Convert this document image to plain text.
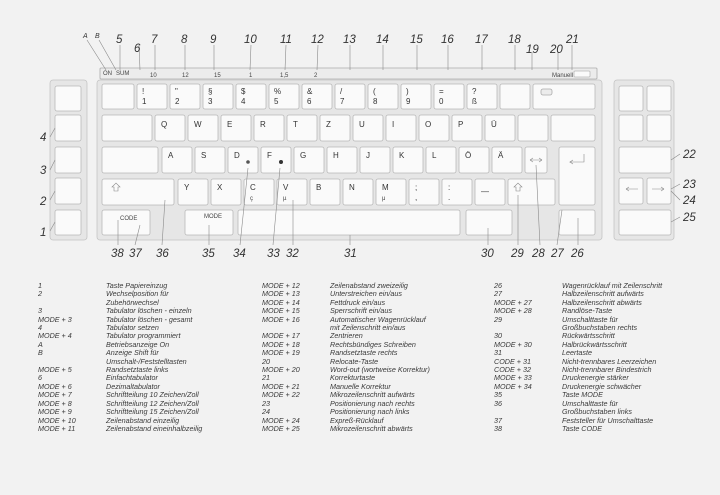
ON SUM	10	12	15	1	1,5	2	Manuell
!
1
"
2
§
3
$
4
%
5
&
6
/
7
(
8
)
9
=
0
?
ß
Q	W	E	R	T	Z	U	I	O	P	Ü
A	S	D	F	G	H	J	K	L	Ö	Ä
Y	X	C
ç
V
µ
B	N	M
μ
;
,
:
.
—
CODE	MODE
A B 5
6
7 8 9 10 11 12 13 14 15 16 17 18
19 20
21
4
3
2
1
22
23
24
25
38 37 36	35 34 33 32	31	30 29 28 27 26
1	Taste Papiereinzug
2	Wechselposition für
Zubehörwechsel
3	Tabulator löschen - einzeln
MODE + 3	Tabulator löschen - gesamt
4	Tabulator setzen
MODE + 4	Tabulator programmiert
A	Betriebsanzeige On
B	Anzeige Shift für
Umschalt-/Feststelltasten
MODE + 5	Randsetztaste links
6	Einfachtabulator
MODE + 6	Dezimaltabulator
MODE + 7	Schriftteilung 10 Zeichen/Zoll
MODE + 8	Schriftteilung 12 Zeichen/Zoll
MODE + 9	Schriftteilung 15 Zeichen/Zoll
MODE + 10	Zeilenabstand einzeilig
MODE + 11	Zeilenabstand eineinhalbzeilig
MODE + 12	Zeilenabstand zweizeilig
MODE + 13	Unterstreichen ein/aus
MODE + 14	Fettdruck ein/aus
MODE + 15	Sperrschrift ein/aus
MODE + 16	Automatischer Wagenrücklauf
mit Zeilenschritt ein/aus
MODE + 17	Zentrieren
MODE + 18	Rechtsbündiges Schreiben
MODE + 19	Randsetztaste rechts
20	Relocate-Taste
MODE + 20	Word-out (wortweise Korrektur)
21	Korrekturtaste
MODE + 21	Manuelle Korrektur
MODE + 22	Mikrozeilenschritt aufwärts
23	Positionierung nach rechts
24	Positionierung nach links
MODE + 24	Expreß-Rücklauf
MODE + 25	Mikrozeilenschritt abwärts
26	Wagenrücklauf mit Zeilenschritt
27	Halbzeilenschritt aufwärts
MODE + 27	Halbzeilenschritt abwärts
MODE + 28	Randlöse-Taste
29	Umschalttaste für
Großbuchstaben rechts
30	Rückwärtsschritt
MODE + 30	Halbrückwärtsschritt
31	Leertaste
CODE + 31	Nicht-trennbares Leerzeichen
CODE + 32	Nicht-trennbarer Bindestrich
MODE + 33	Druckenergie stärker
MODE + 34	Druckenergie schwächer
35	Taste MODE
36	Umschalttaste für
Großbuchstaben links
37	Feststeller für Umschalttaste
38	Taste CODE
